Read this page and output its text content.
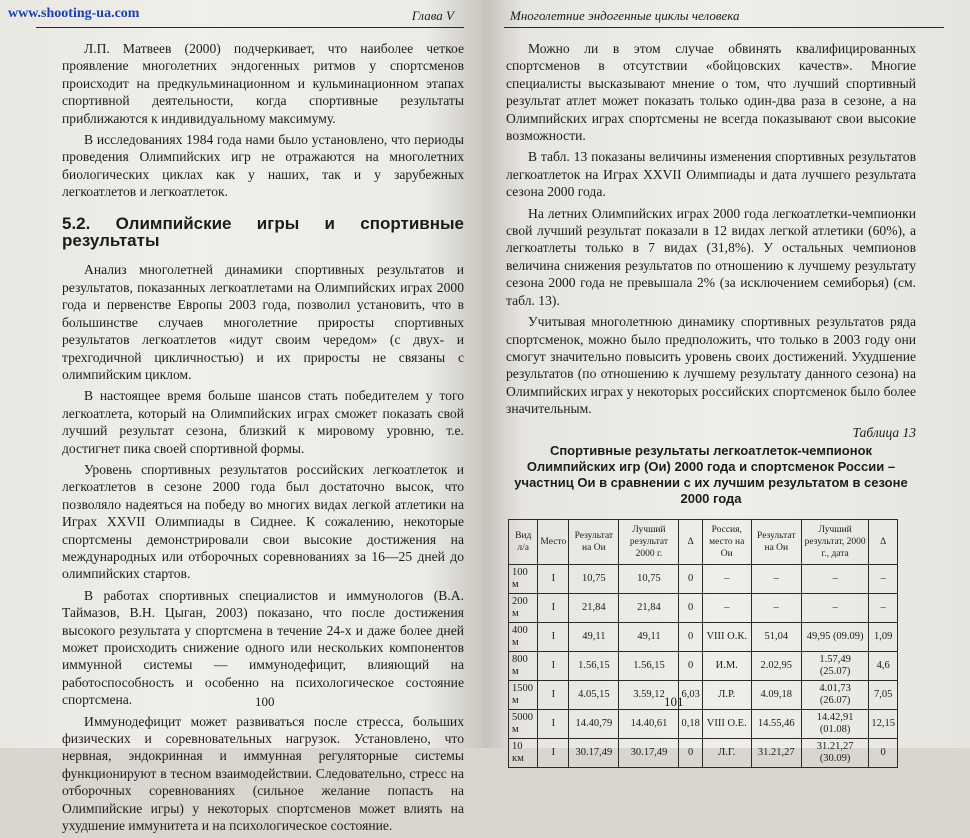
www.shooting-ua.com	Глава V

Л.П. Матвеев (2000) подчеркивает, что наиболее четкое проявление многолетних эндогенных ритмов у спортсменов происходит на предкульминационном и кульминационном этапах спортивной деятельности, когда спортивные результаты приближаются к индивидуальному максимуму.

В исследованиях 1984 года нами было установлено, что периоды проведения Олимпийских игр не отражаются на многолетних биологических циклах как у наших, так и у зарубежных легкоатлетов и легкоатлеток.

5.2. Олимпийские игры и спортивные результаты

Анализ многолетней динамики спортивных результатов и результатов, показанных легкоатлетами на Олимпийских играх 2000 года и первенстве Европы 2003 года, позволил установить, что в большинстве случаев многолетние приросты спортивных результатов легкоатлетов «идут своим чередом» (с двух- и трехгодичной цикличностью) и их приросты не связаны с олимпийским циклом.

В настоящее время больше шансов стать победителем у того легкоатлета, который на Олимпийских играх сможет показать свой лучший результат сезона, близкий к мировому уровню, т.е. достигнет пика своей спортивной формы.

Уровень спортивных результатов российских легкоатлеток и легкоатлетов в сезоне 2000 года был достаточно высок, что позволяло надеяться на победу во многих видах легкой атлетики на Играх XXVII Олимпиады в Сиднее. К сожалению, некоторые спортсмены демонстрировали свои высокие достижения на международных или отборочных соревнованиях за 16—25 дней до олимпийских стартов.

В работах спортивных специалистов и иммунологов (В.А. Таймазов, В.Н. Цыган, 2003) показано, что после достижения высокого результата у спортсмена в течение 24-х и даже более дней может происходить снижение одного или нескольких компонентов иммунной системы — иммунодефицит, влияющий на работоспособность и особенно на психологическое состояние спортсмена.

Иммунодефицит может развиваться после стресса, больших физических и соревновательных нагрузок. Установлено, что нервная, эндокринная и иммунная регуляторные системы функционируют в тесном взаимодействии. Следовательно, стресс на отборочных соревнованиях (сильное желание попасть на Олимпийские игры) у некоторых спортсменов может влиять на ухудшение иммунитета и на психологическое состояние.

100
Многолетние эндогенные циклы человека

Можно ли в этом случае обвинять квалифицированных спортсменов в отсутствии «бойцовских качеств». Многие специалисты высказывают мнение о том, что лучший спортивный результат атлет может показать только один-два раза в сезоне, а на Олимпийских играх спортсмены не всегда показывают свои высокие возможности.

В табл. 13 показаны величины изменения спортивных результатов легкоатлеток на Играх XXVII Олимпиады и дата лучшего результата сезона 2000 года.

На летних Олимпийских играх 2000 года легкоатлетки-чемпионки свой лучший результат показали в 12 видах легкой атлетики (60%), а легкоатлеты только в 7 видах (31,8%). У остальных чемпионов величина снижения результатов по отношению к лучшему результату сезона 2000 года не превышала 2% (за исключением семиборья) (см. табл. 13).

Учитывая многолетнюю динамику спортивных результатов ряда спортсменок, можно было предположить, что только в 2003 году они смогут значительно повысить уровень своих достижений. Ухудшение результатов (по отношению к лучшему результату данного сезона) на Олимпийских играх у некоторых российских спортсменок было более значительным.

Таблица 13
Спортивные результаты легкоатлеток-чемпионок Олимпийских игр (Ои) 2000 года и спортсменок России – участниц Ои в сравнении с их лучшим результатом в сезоне 2000 года
Вид л/а	Место	Результат на Ои	Лучший результат 2000 г.	Δ	Россия, место на Ои	Результат на Ои	Лучший результат, 2000 г., дата	Δ
100 м	I	10,75	10,75	0	–	–	–	–
200 м	I	21,84	21,84	0	–	–	–	–
400 м	I	49,11	49,11	0	VIII О.К.	51,04	49,95 (09.09)	1,09
800 м	I	1.56,15	1.56,15	0	И.М.	2.02,95	1.57,49 (25.07)	4,6
1500 м	I	4.05,15	3.59,12	6,03	Л.Р.	4.09,18	4.01,73 (26.07)	7,05
5000 м	I	14.40,79	14.40,61	0,18	VIII О.Е.	14.55,46	14.42,91 (01.08)	12,15
10 км	I	30.17,49	30.17,49	0	Л.Г.	31.21,27	31.21,27 (30.09)	0
101
